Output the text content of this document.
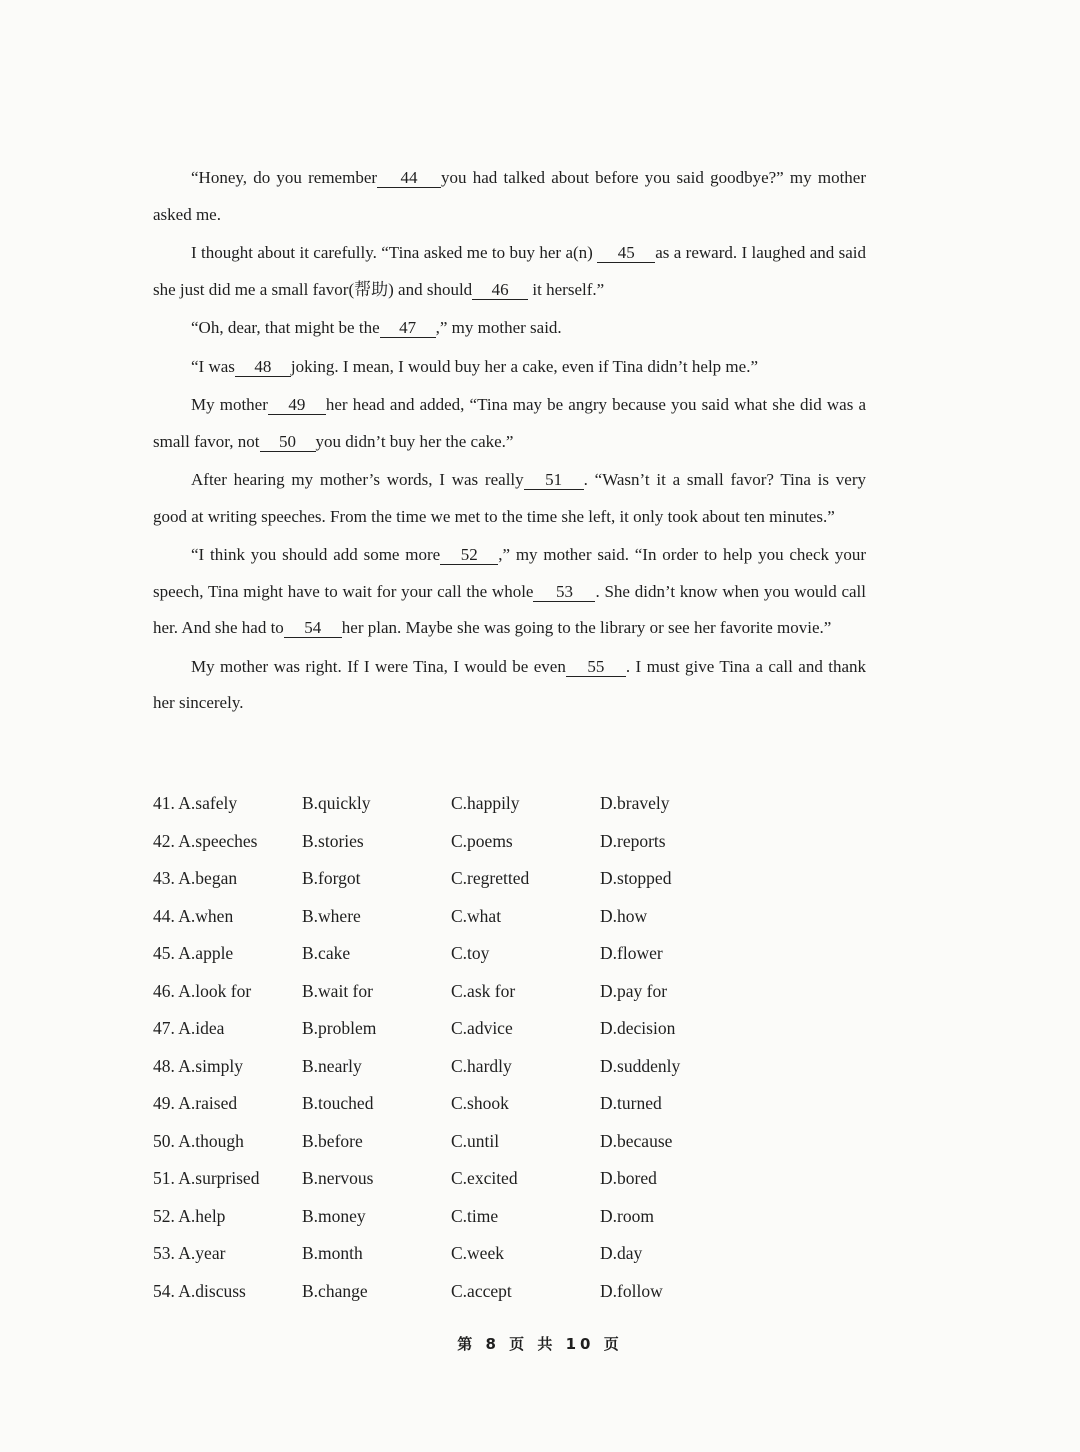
“Honey, do you remember 44 you had talked about before you said goodbye?” my mother asked me.

I thought about it carefully. “Tina asked me to buy her a(n) 45 as a reward. I laughed and said she just did me a small favor(帮助) and should 46 it herself.”

“Oh, dear, that might be the 47 ,” my mother said.

“I was 48 joking. I mean, I would buy her a cake, even if Tina didn’t help me.”

My mother 49 her head and added, “Tina may be angry because you said what she did was a small favor, not 50 you didn’t buy her the cake.”

After hearing my mother’s words, I was really 51 . “Wasn’t it a small favor? Tina is very good at writing speeches. From the time we met to the time she left, it only took about ten minutes.”

“I think you should add some more 52 ,” my mother said. “In order to help you check your speech, Tina might have to wait for your call the whole 53 . She didn’t know when you would call her. And she had to 54 her plan. Maybe she was going to the library or see her favorite movie.”

My mother was right. If I were Tina, I would be even 55 . I must give Tina a call and thank her sincerely.

41. A.safely	B.quickly	C.happily	D.bravely
42. A.speeches	B.stories	C.poems	D.reports
43. A.began	B.forgot	C.regretted	D.stopped
44. A.when	B.where	C.what	D.how
45. A.apple	B.cake	C.toy	D.flower
46. A.look for	B.wait for	C.ask for	D.pay for
47. A.idea	B.problem	C.advice	D.decision
48. A.simply	B.nearly	C.hardly	D.suddenly
49. A.raised	B.touched	C.shook	D.turned
50. A.though	B.before	C.until	D.because
51. A.surprised	B.nervous	C.excited	D.bored
52. A.help	B.money	C.time	D.room
53. A.year	B.month	C.week	D.day
54. A.discuss	B.change	C.accept	D.follow
第 8 页 共 10 页
